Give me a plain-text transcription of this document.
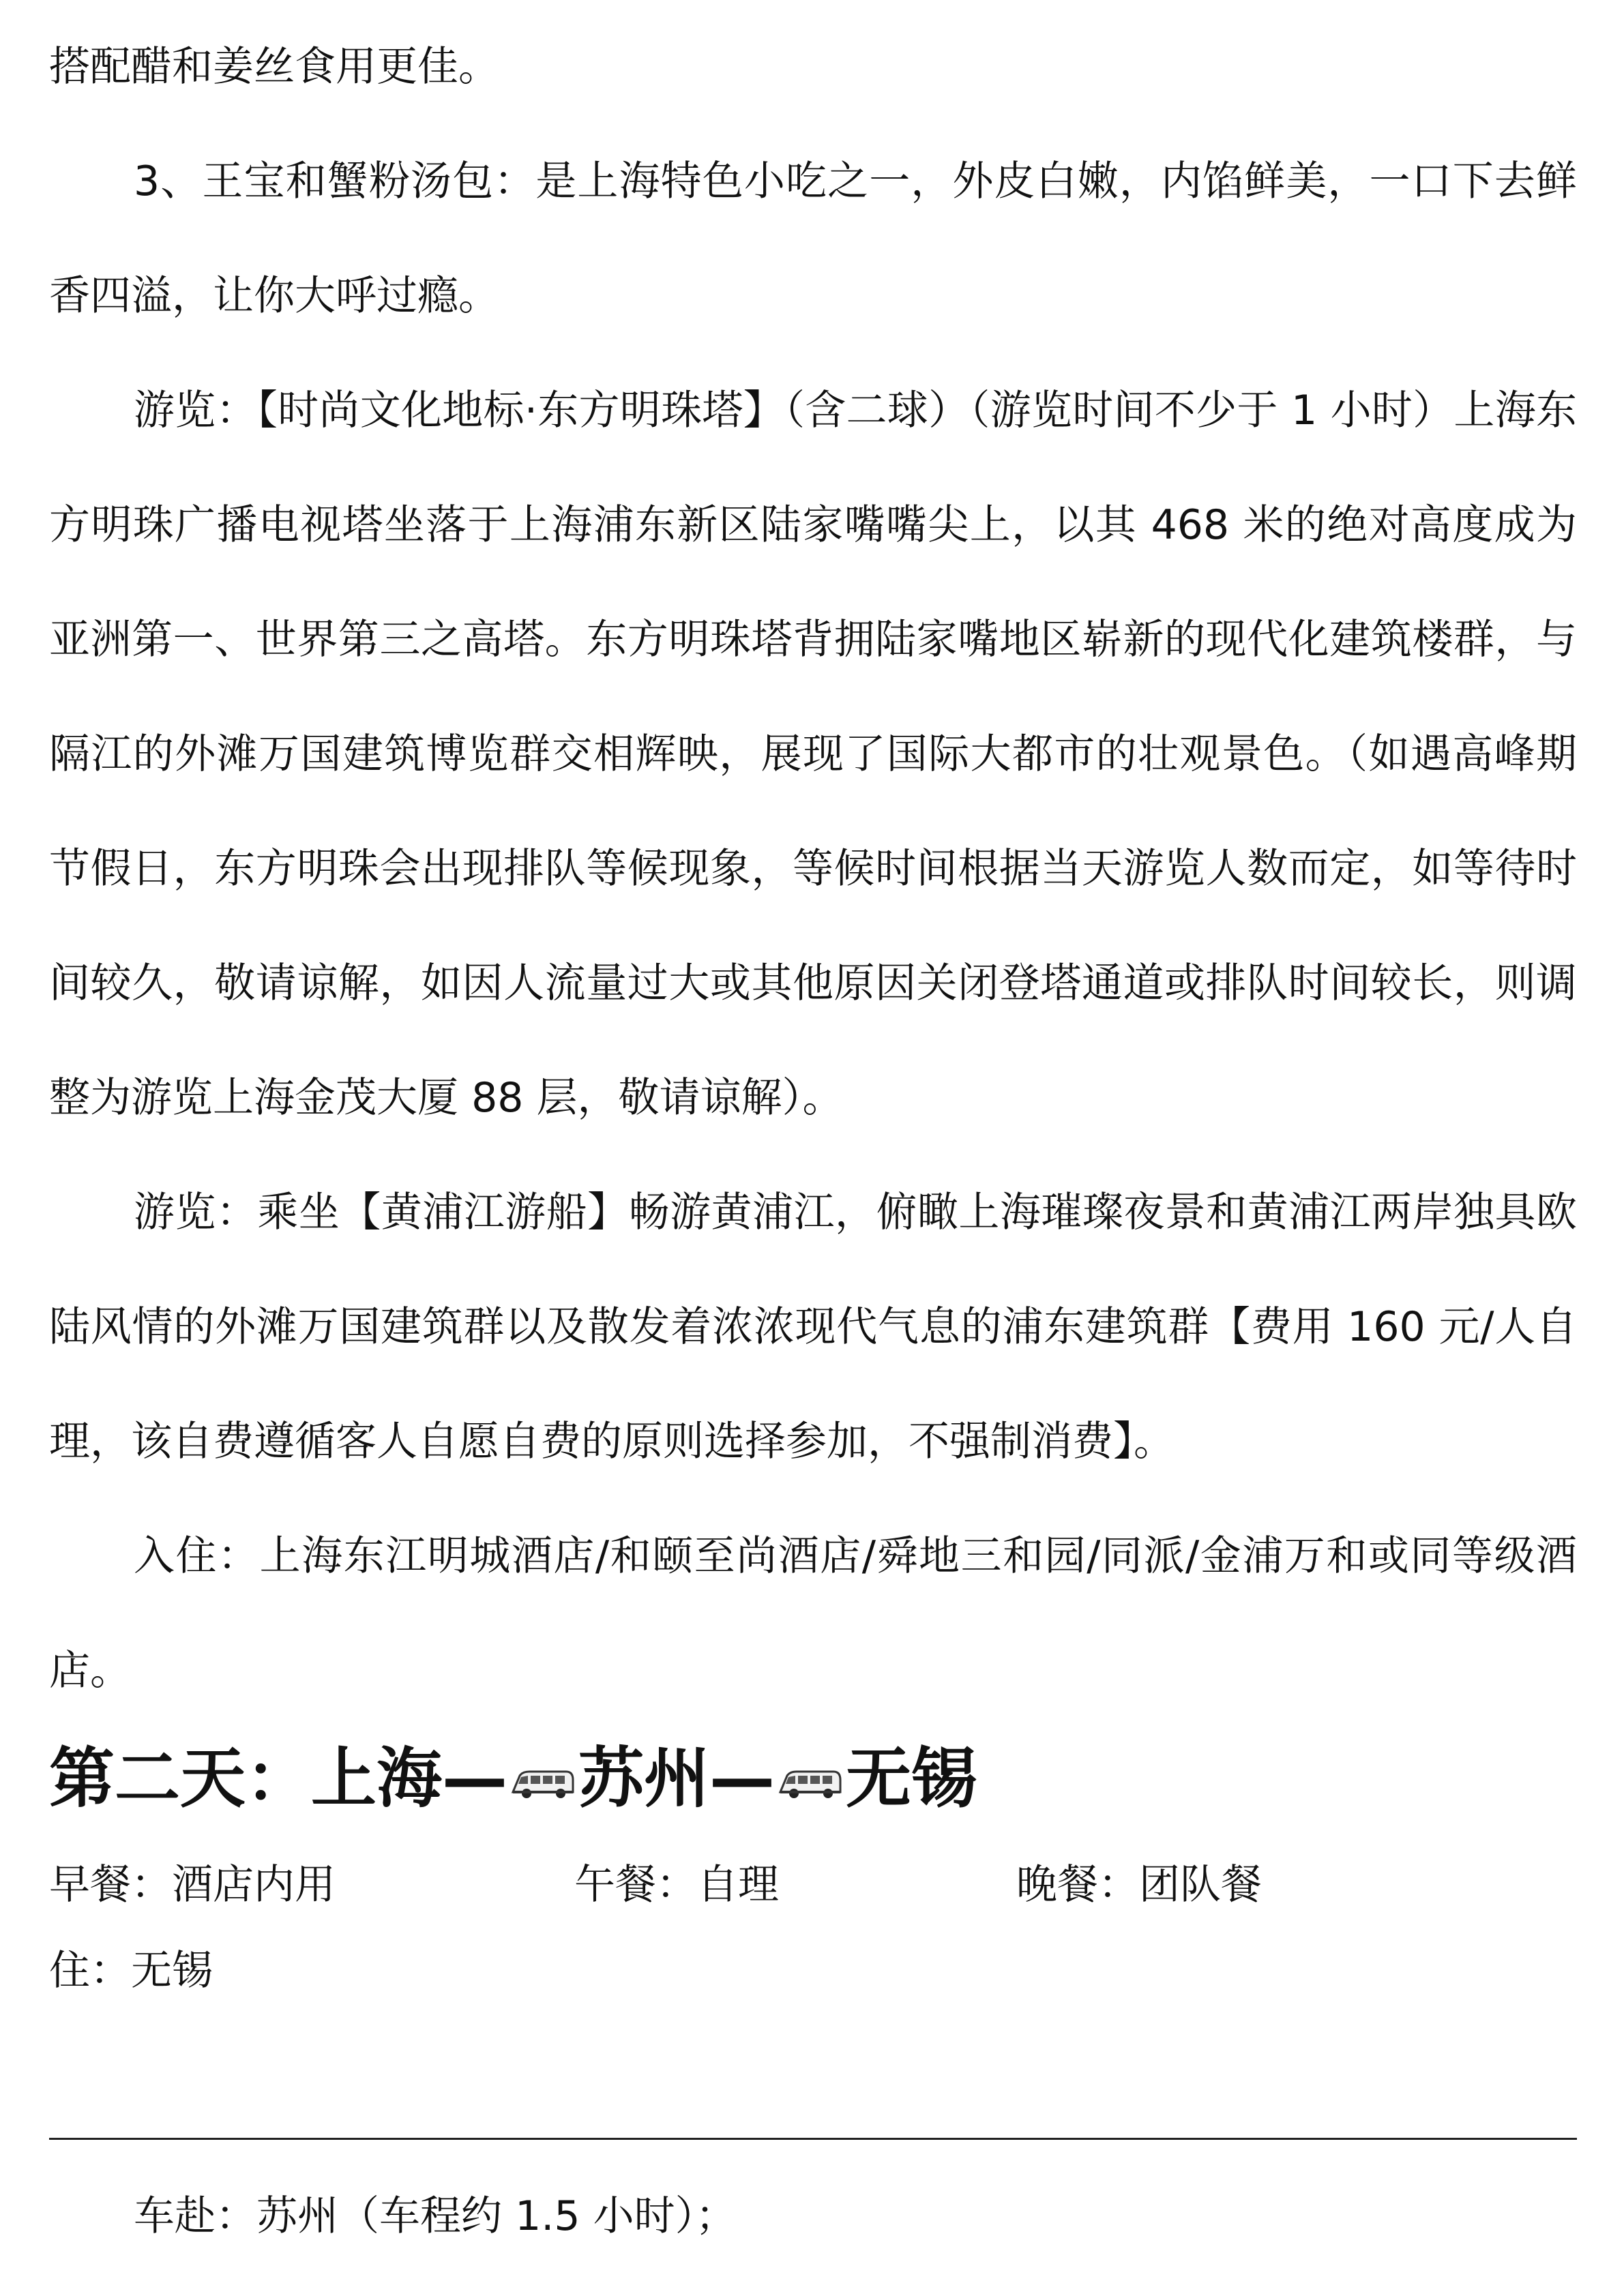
搭配醋和姜丝食用更佳。

3、王宝和蟹粉汤包：是上海特色小吃之一，外皮白嫩，内馅鲜美，一口下去鲜香四溢，让你大呼过瘾。

游览：【时尚文化地标·东方明珠塔】（含二球）（游览时间不少于 1 小时）上海东方明珠广播电视塔坐落于上海浦东新区陆家嘴嘴尖上，以其 468 米的绝对高度成为亚洲第一、世界第三之高塔。东方明珠塔背拥陆家嘴地区崭新的现代化建筑楼群，与隔江的外滩万国建筑博览群交相辉映，展现了国际大都市的壮观景色。（如遇高峰期节假日，东方明珠会出现排队等候现象，等候时间根据当天游览人数而定，如等待时间较久，敬请谅解，如因人流量过大或其他原因关闭登塔通道或排队时间较长，则调整为游览上海金茂大厦 88 层，敬请谅解）。

游览：乘坐【黄浦江游船】畅游黄浦江，俯瞰上海璀璨夜景和黄浦江两岸独具欧陆风情的外滩万国建筑群以及散发着浓浓现代气息的浦东建筑群【费用 160 元/人自理，该自费遵循客人自愿自费的原则选择参加，不强制消费】。

入住：上海东江明城酒店/和颐至尚酒店/舜地三和园/同派/金浦万和或同等级酒店。

第二天：上海— 苏州— 无锡
早餐：酒店内用	午餐：自理	晚餐：团队餐
住：无锡
车赴：苏州（车程约 1.5 小时）；
